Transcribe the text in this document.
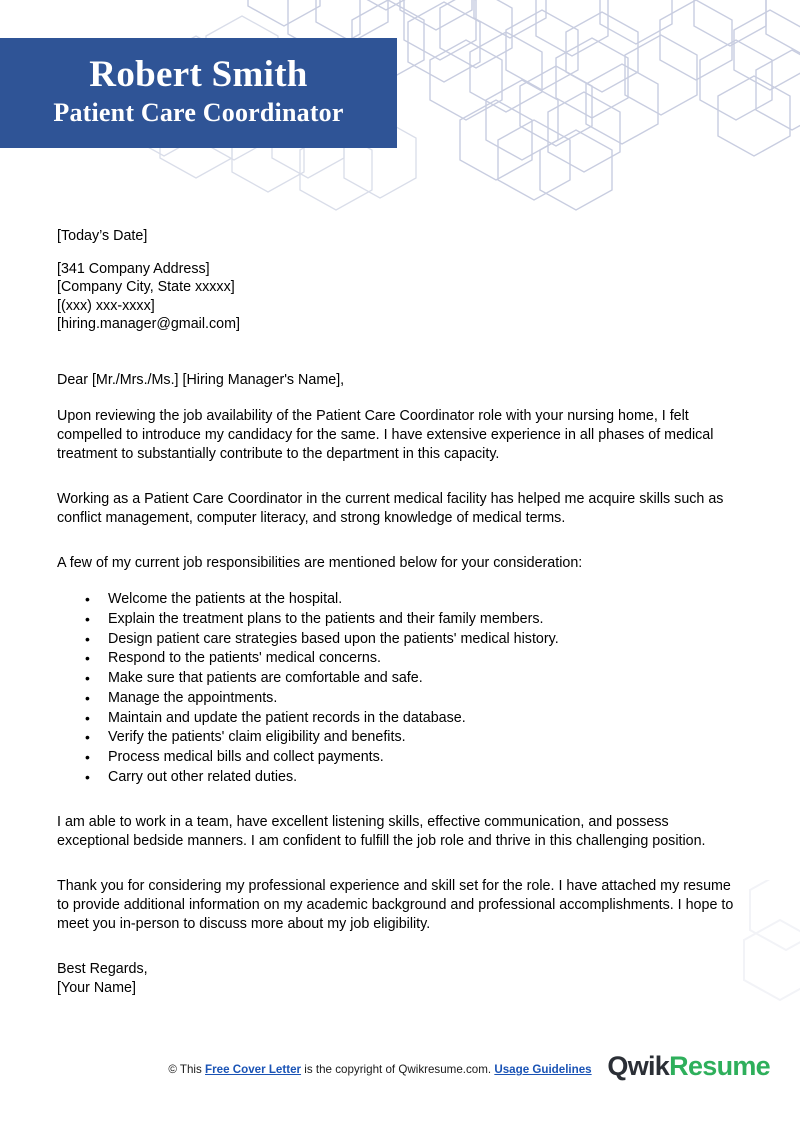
Robert Smith
Patient Care Coordinator
[Today’s Date]
[341 Company Address]
[Company City, State xxxxx]
[(xxx) xxx-xxxx]
[hiring.manager@gmail.com]
Dear [Mr./Mrs./Ms.] [Hiring Manager's Name],
Upon reviewing the job availability of the Patient Care Coordinator role with your nursing home, I felt compelled to introduce my candidacy for the same. I have extensive experience in all phases of medical treatment to substantially contribute to the department in this capacity.
Working as a Patient Care Coordinator in the current medical facility has helped me acquire skills such as conflict management, computer literacy, and strong knowledge of medical terms.
A few of my current job responsibilities are mentioned below for your consideration:
• Welcome the patients at the hospital.
• Explain the treatment plans to the patients and their family members.
• Design patient care strategies based upon the patients' medical history.
• Respond to the patients' medical concerns.
• Make sure that patients are comfortable and safe.
• Manage the appointments.
• Maintain and update the patient records in the database.
• Verify the patients' claim eligibility and benefits.
• Process medical bills and collect payments.
• Carry out other related duties.
I am able to work in a team, have excellent listening skills, effective communication, and possess exceptional bedside manners. I am confident to fulfill the job role and thrive in this challenging position.
Thank you for considering my professional experience and skill set for the role. I have attached my resume to provide additional information on my academic background and professional accomplishments. I hope to meet you in-person to discuss more about my job eligibility.
Best Regards,
[Your Name]
© This Free Cover Letter is the copyright of Qwikresume.com. Usage Guidelines QwikResume
